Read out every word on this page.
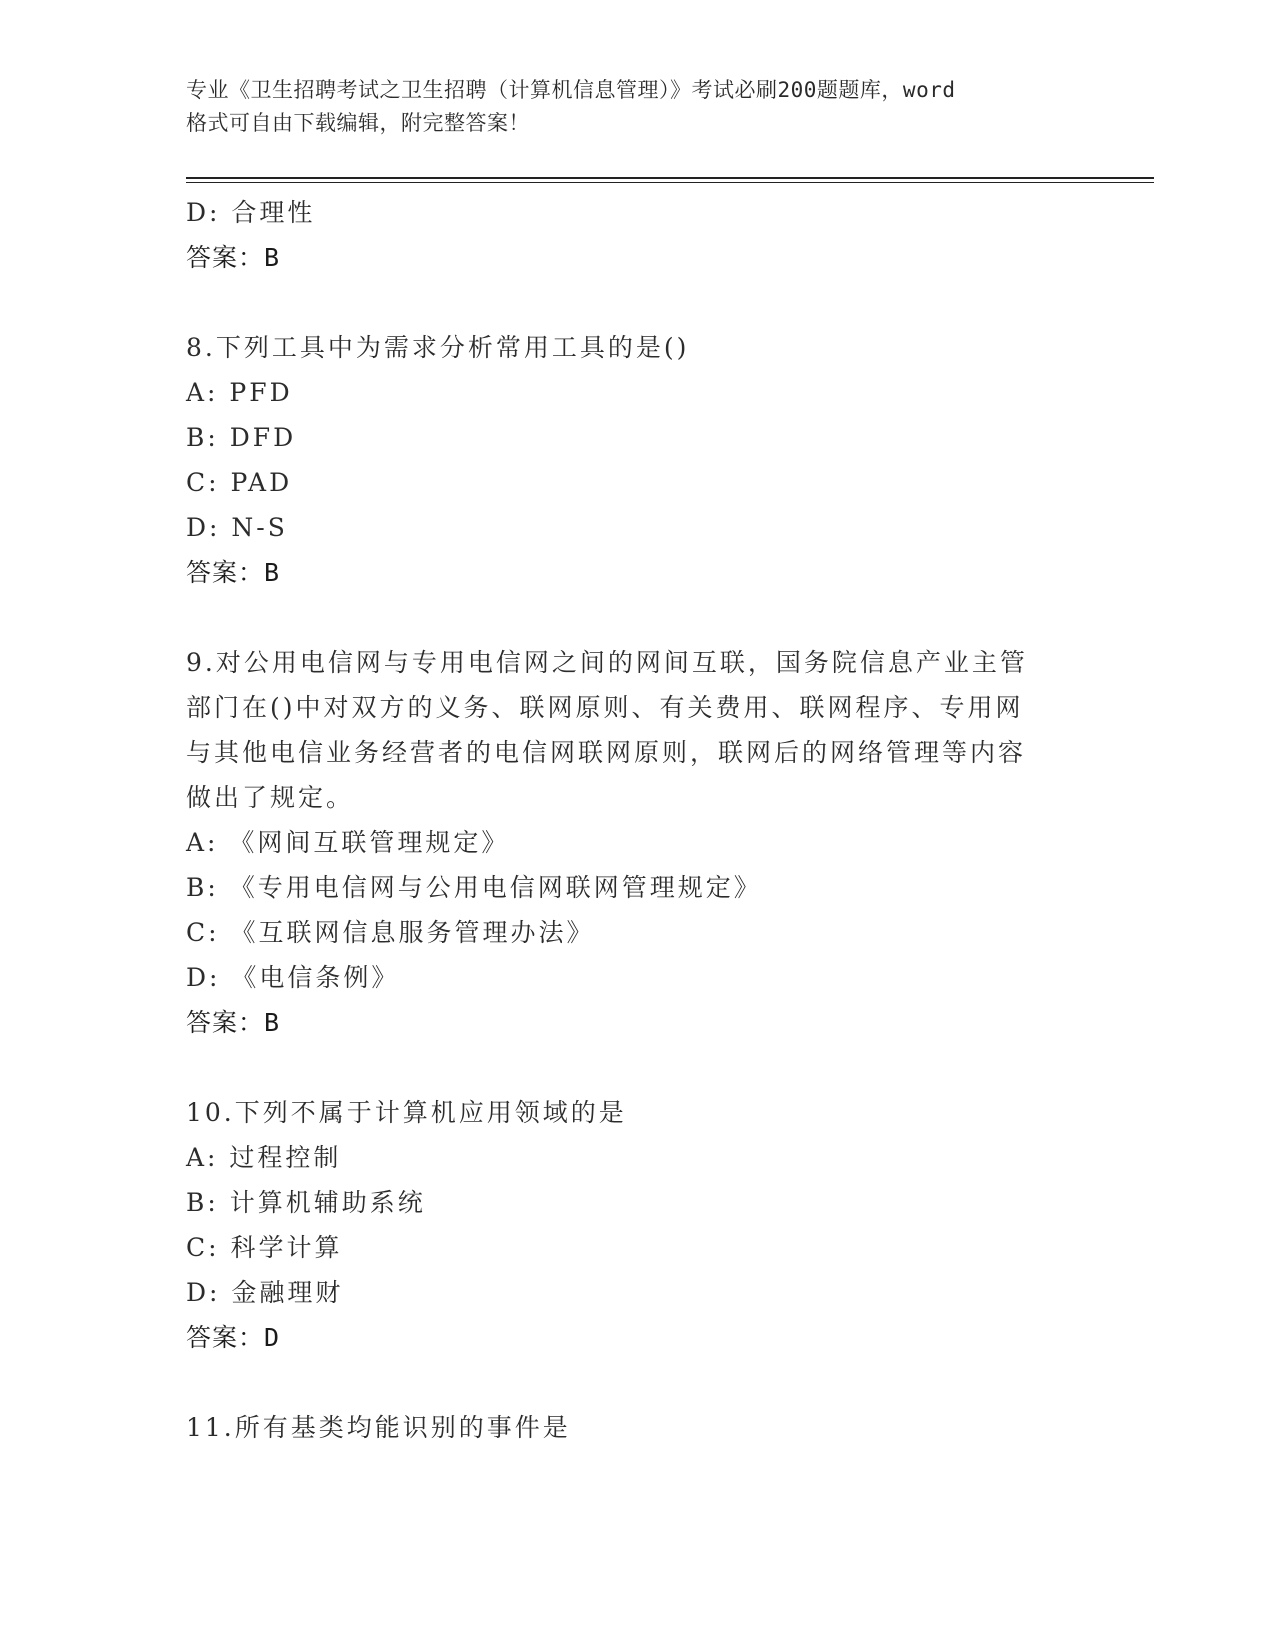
专业《卫生招聘考试之卫生招聘（计算机信息管理）》考试必刷200题题库，word
格式可自由下载编辑，附完整答案！
D: 合理性
答案：B
8.下列工具中为需求分析常用工具的是()
A: PFD
B: DFD
C: PAD
D: N-S
答案：B
9.对公用电信网与专用电信网之间的网间互联，国务院信息产业主管
部门在()中对双方的义务、联网原则、有关费用、联网程序、专用网
与其他电信业务经营者的电信网联网原则，联网后的网络管理等内容
做出了规定。
A: 《网间互联管理规定》
B: 《专用电信网与公用电信网联网管理规定》
C: 《互联网信息服务管理办法》
D: 《电信条例》
答案：B
10.下列不属于计算机应用领域的是
A: 过程控制
B: 计算机辅助系统
C: 科学计算
D: 金融理财
答案：D
11.所有基类均能识别的事件是
